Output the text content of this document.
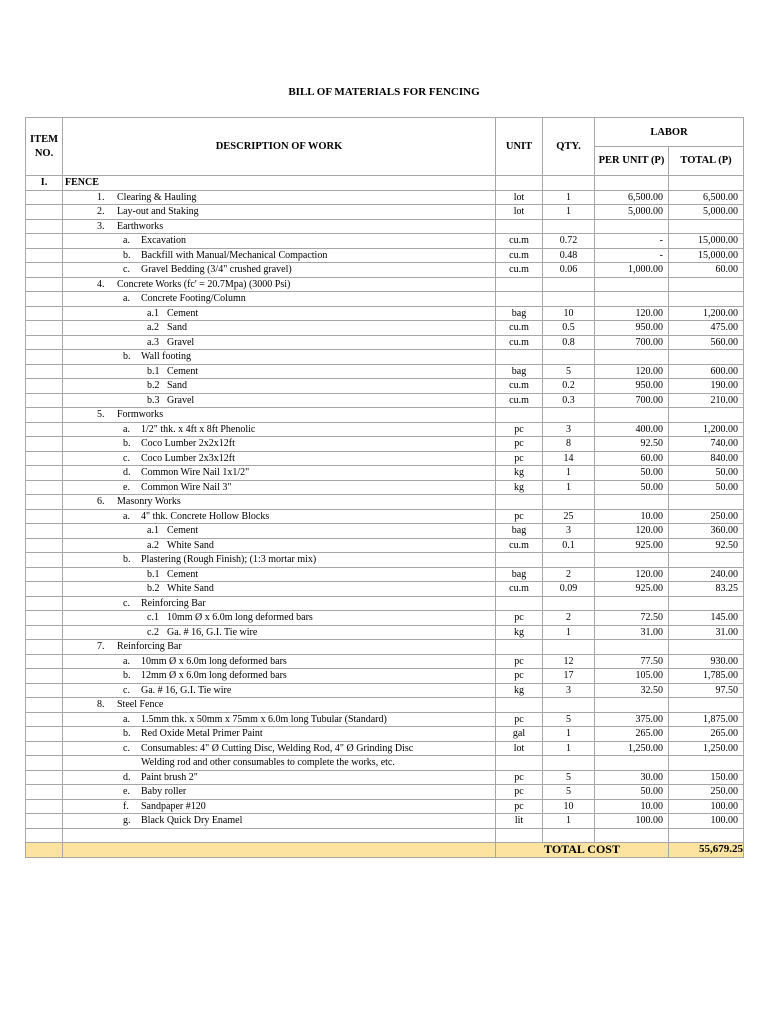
BILL OF MATERIALS FOR FENCING
ITEM NO.	DESCRIPTION OF WORK	UNIT	QTY.	LABOR	
				PER UNIT (P)	TOTAL (P)
I.	FENCE				

	1. Clearing & Hauling	lot	1	6,500.00	6,500.00

	2. Lay-out and Staking	lot	1	5,000.00	5,000.00

	3. Earthworks				

	a. Excavation	cu.m	0.72	-	15,000.00

	b. Backfill with Manual/Mechanical Compaction	cu.m	0.48	-	15,000.00

	c. Gravel Bedding (3/4" crushed gravel)	cu.m	0.06	1,000.00	60.00

	4. Concrete Works (fc' = 20.7Mpa) (3000 Psi)				

	a. Concrete Footing/Column				

	a.1 Cement	bag	10	120.00	1,200.00

	a.2 Sand	cu.m	0.5	950.00	475.00

	a.3 Gravel	cu.m	0.8	700.00	560.00

	b. Wall footing				

	b.1 Cement	bag	5	120.00	600.00

	b.2 Sand	cu.m	0.2	950.00	190.00

	b.3 Gravel	cu.m	0.3	700.00	210.00

	5. Formworks				

	a. 1/2" thk. x 4ft x 8ft Phenolic	pc	3	400.00	1,200.00

	b. Coco Lumber 2x2x12ft	pc	8	92.50	740.00

	c. Coco Lumber 2x3x12ft	pc	14	60.00	840.00

	d. Common Wire Nail 1x1/2"	kg	1	50.00	50.00

	e. Common Wire Nail 3"	kg	1	50.00	50.00

	6. Masonry Works				

	a. 4" thk. Concrete Hollow Blocks	pc	25	10.00	250.00

	a.1 Cement	bag	3	120.00	360.00

	a.2 White Sand	cu.m	0.1	925.00	92.50

	b. Plastering (Rough Finish); (1:3 mortar mix)				

	b.1 Cement	bag	2	120.00	240.00

	b.2 White Sand	cu.m	0.09	925.00	83.25

	c. Reinforcing Bar				

	c.1 10mm Ø x 6.0m long deformed bars	pc	2	72.50	145.00

	c.2 Ga. # 16, G.I. Tie wire	kg	1	31.00	31.00

	7. Reinforcing Bar				

	a. 10mm Ø x 6.0m long deformed bars	pc	12	77.50	930.00

	b. 12mm Ø x 6.0m long deformed bars	pc	17	105.00	1,785.00

	c. Ga. # 16, G.I. Tie wire	kg	3	32.50	97.50

	8. Steel Fence				

	a. 1.5mm thk. x 50mm x 75mm x 6.0m long Tubular (Standard)	pc	5	375.00	1,875.00

	b. Red Oxide Metal Primer Paint	gal	1	265.00	265.00

	c. Consumables: 4" Ø Cutting Disc, Welding Rod, 4" Ø Grinding Disc	lot	1	1,250.00	1,250.00

	Welding rod and other consumables to complete the works, etc.				

	d. Paint brush 2"	pc	5	30.00	150.00

	e. Baby roller	pc	5	50.00	250.00

	f. Sandpaper #120	pc	10	10.00	100.00

	g. Black Quick Dry Enamel	lit	1	100.00	100.00

		TOTAL COST			55,679.25
